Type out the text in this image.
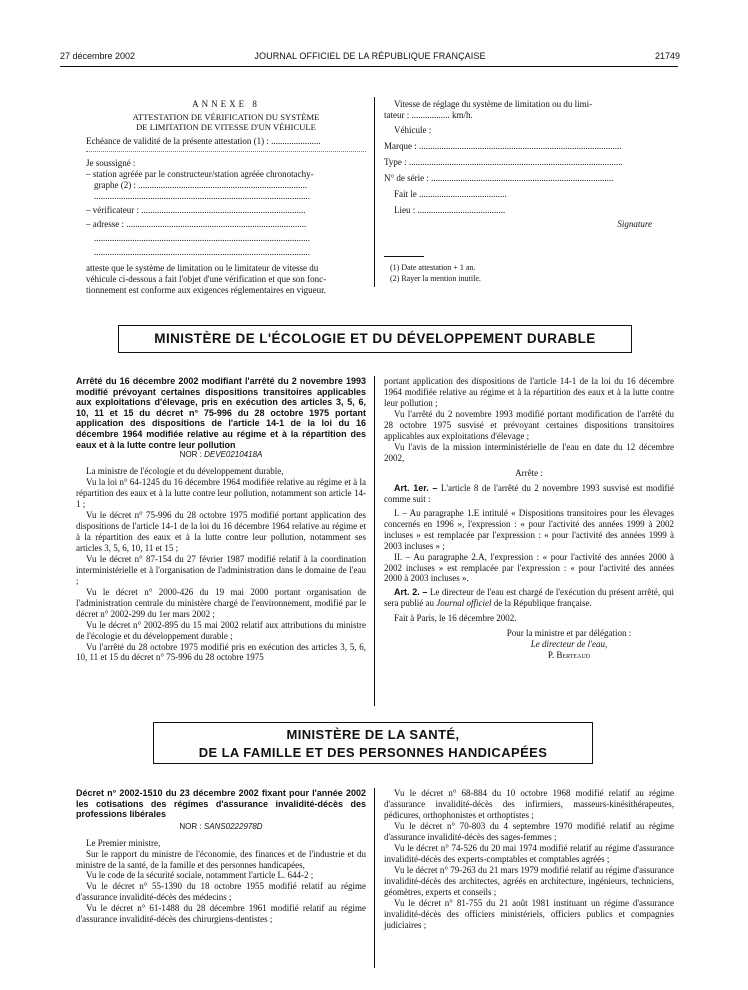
27 décembre 2002	JOURNAL OFFICIEL DE LA RÉPUBLIQUE FRANÇAISE	21749

ANNEXE 8

ATTESTATION DE VÉRIFICATION DU SYSTÈME

DE LIMITATION DE VITESSE D'UN VÉHICULE

Echéance de validité de la présente attestation (1) : ......................

Je soussigné :

– station agréée par le constructeur/station agréée chronotachy-

graphe (2) : ...........................................................................

................................................................................................

– vérificateur : .........................................................................

– adresse : ................................................................................

................................................................................................

................................................................................................

atteste que le système de limitation ou le limitateur de vitesse du

véhicule ci-dessous a fait l'objet d'une vérification et que son fonc-

tionnement est conforme aux exigences réglementaires en vigueur.

Vitesse de réglage du système de limitation ou du limi-

tateur : ................. km/h.

Véhicule :

Marque : ..........................................................................................

Type : ...............................................................................................

N° de série : .................................................................................

Fait le .......................................

Lieu : .......................................

Signature

(1) Date attestation + 1 an.

(2) Rayer la mention inutile.

MINISTÈRE DE L'ÉCOLOGIE ET DU DÉVELOPPEMENT DURABLE

Arrêté du 16 décembre 2002 modifiant l'arrêté du 2 novembre 1993 modifié prévoyant certaines dispositions transitoires applicables aux exploitations d'élevage, pris en exécution des articles 3, 5, 6, 10, 11 et 15 du décret n° 75-996 du 28 octobre 1975 portant application des dispositions de l'article 14-1 de la loi du 16 décembre 1964 modifiée relative au régime et à la répartition des eaux et à la lutte contre leur pollution

NOR : DEVE0210418A

La ministre de l'écologie et du développement durable,

Vu la loi n° 64-1245 du 16 décembre 1964 modifiée relative au régime et à la répartition des eaux et à la lutte contre leur pollution, notamment son article 14-1 ;

Vu le décret n° 75-996 du 28 octobre 1975 modifié portant application des dispositions de l'article 14-1 de la loi du 16 décembre 1964 relative au régime et à la répartition des eaux et à la lutte contre leur pollution, notamment ses articles 3, 5, 6, 10, 11 et 15 ;

Vu le décret n° 87-154 du 27 février 1987 modifié relatif à la coordination interministérielle et à l'organisation de l'administration dans le domaine de l'eau ;

Vu le décret n° 2000-426 du 19 mai 2000 portant organisation de l'administration centrale du ministère chargé de l'environnement, modifié par le décret n° 2002-299 du 1er mars 2002 ;

Vu le décret n° 2002-895 du 15 mai 2002 relatif aux attributions du ministre de l'écologie et du développement durable ;

Vu l'arrêté du 28 octobre 1975 modifié pris en exécution des articles 3, 5, 6, 10, 11 et 15 du décret n° 75-996 du 28 octobre 1975

portant application des dispositions de l'article 14-1 de la loi du 16 décembre 1964 modifiée relative au régime et à la répartition des eaux et à la lutte contre leur pollution ;

Vu l'arrêté du 2 novembre 1993 modifié portant modification de l'arrêté du 28 octobre 1975 susvisé et prévoyant certaines dispositions transitoires applicables aux exploitations d'élevage ;

Vu l'avis de la mission interministérielle de l'eau en date du 12 décembre 2002,

Arrête :

Art. 1er. – L'article 8 de l'arrêté du 2 novembre 1993 susvisé est modifié comme suit :

I. – Au paragraphe 1.E intitulé « Dispositions transitoires pour les élevages concernés en 1996 », l'expression : « pour l'activité des années 1999 à 2002 incluses » est remplacée par l'expression : « pour l'activité des années 1999 à 2003 incluses » ;

II. – Au paragraphe 2.A, l'expression : « pour l'activité des années 2000 à 2002 incluses » est remplacée par l'expression : « pour l'activité des années 2000 à 2003 incluses ».

Art. 2. – Le directeur de l'eau est chargé de l'exécution du présent arrêté, qui sera publié au Journal officiel de la République française.

Fait à Paris, le 16 décembre 2002.

Pour la ministre et par délégation :

Le directeur de l'eau,

P. Berteaud

MINISTÈRE DE LA SANTÉ,
DE LA FAMILLE ET DES PERSONNES HANDICAPÉES

Décret n° 2002-1510 du 23 décembre 2002 fixant pour l'année 2002 les cotisations des régimes d'assurance invalidité-décès des professions libérales

NOR : SANS0222978D

Le Premier ministre,

Sur le rapport du ministre de l'économie, des finances et de l'industrie et du ministre de la santé, de la famille et des personnes handicapées,

Vu le code de la sécurité sociale, notamment l'article L. 644-2 ;

Vu le décret n° 55-1390 du 18 octobre 1955 modifié relatif au régime d'assurance invalidité-décès des médecins ;

Vu le décret n° 61-1488 du 28 décembre 1961 modifié relatif au régime d'assurance invalidité-décès des chirurgiens-dentistes ;

Vu le décret n° 68-884 du 10 octobre 1968 modifié relatif au régime d'assurance invalidité-décès des infirmiers, masseurs-kinésithérapeutes, pédicures, orthophonistes et orthoptistes ;

Vu le décret n° 70-803 du 4 septembre 1970 modifié relatif au régime d'assurance invalidité-décès des sages-femmes ;

Vu le décret n° 74-526 du 20 mai 1974 modifié relatif au régime d'assurance invalidité-décès des experts-comptables et comptables agréés ;

Vu le décret n° 79-263 du 21 mars 1979 modifié relatif au régime d'assurance invalidité-décès des architectes, agréés en architecture, ingénieurs, techniciens, géomètres, experts et conseils ;

Vu le décret n° 81-755 du 21 août 1981 instituant un régime d'assurance invalidité-décès des officiers ministériels, officiers publics et compagnies judiciaires ;
